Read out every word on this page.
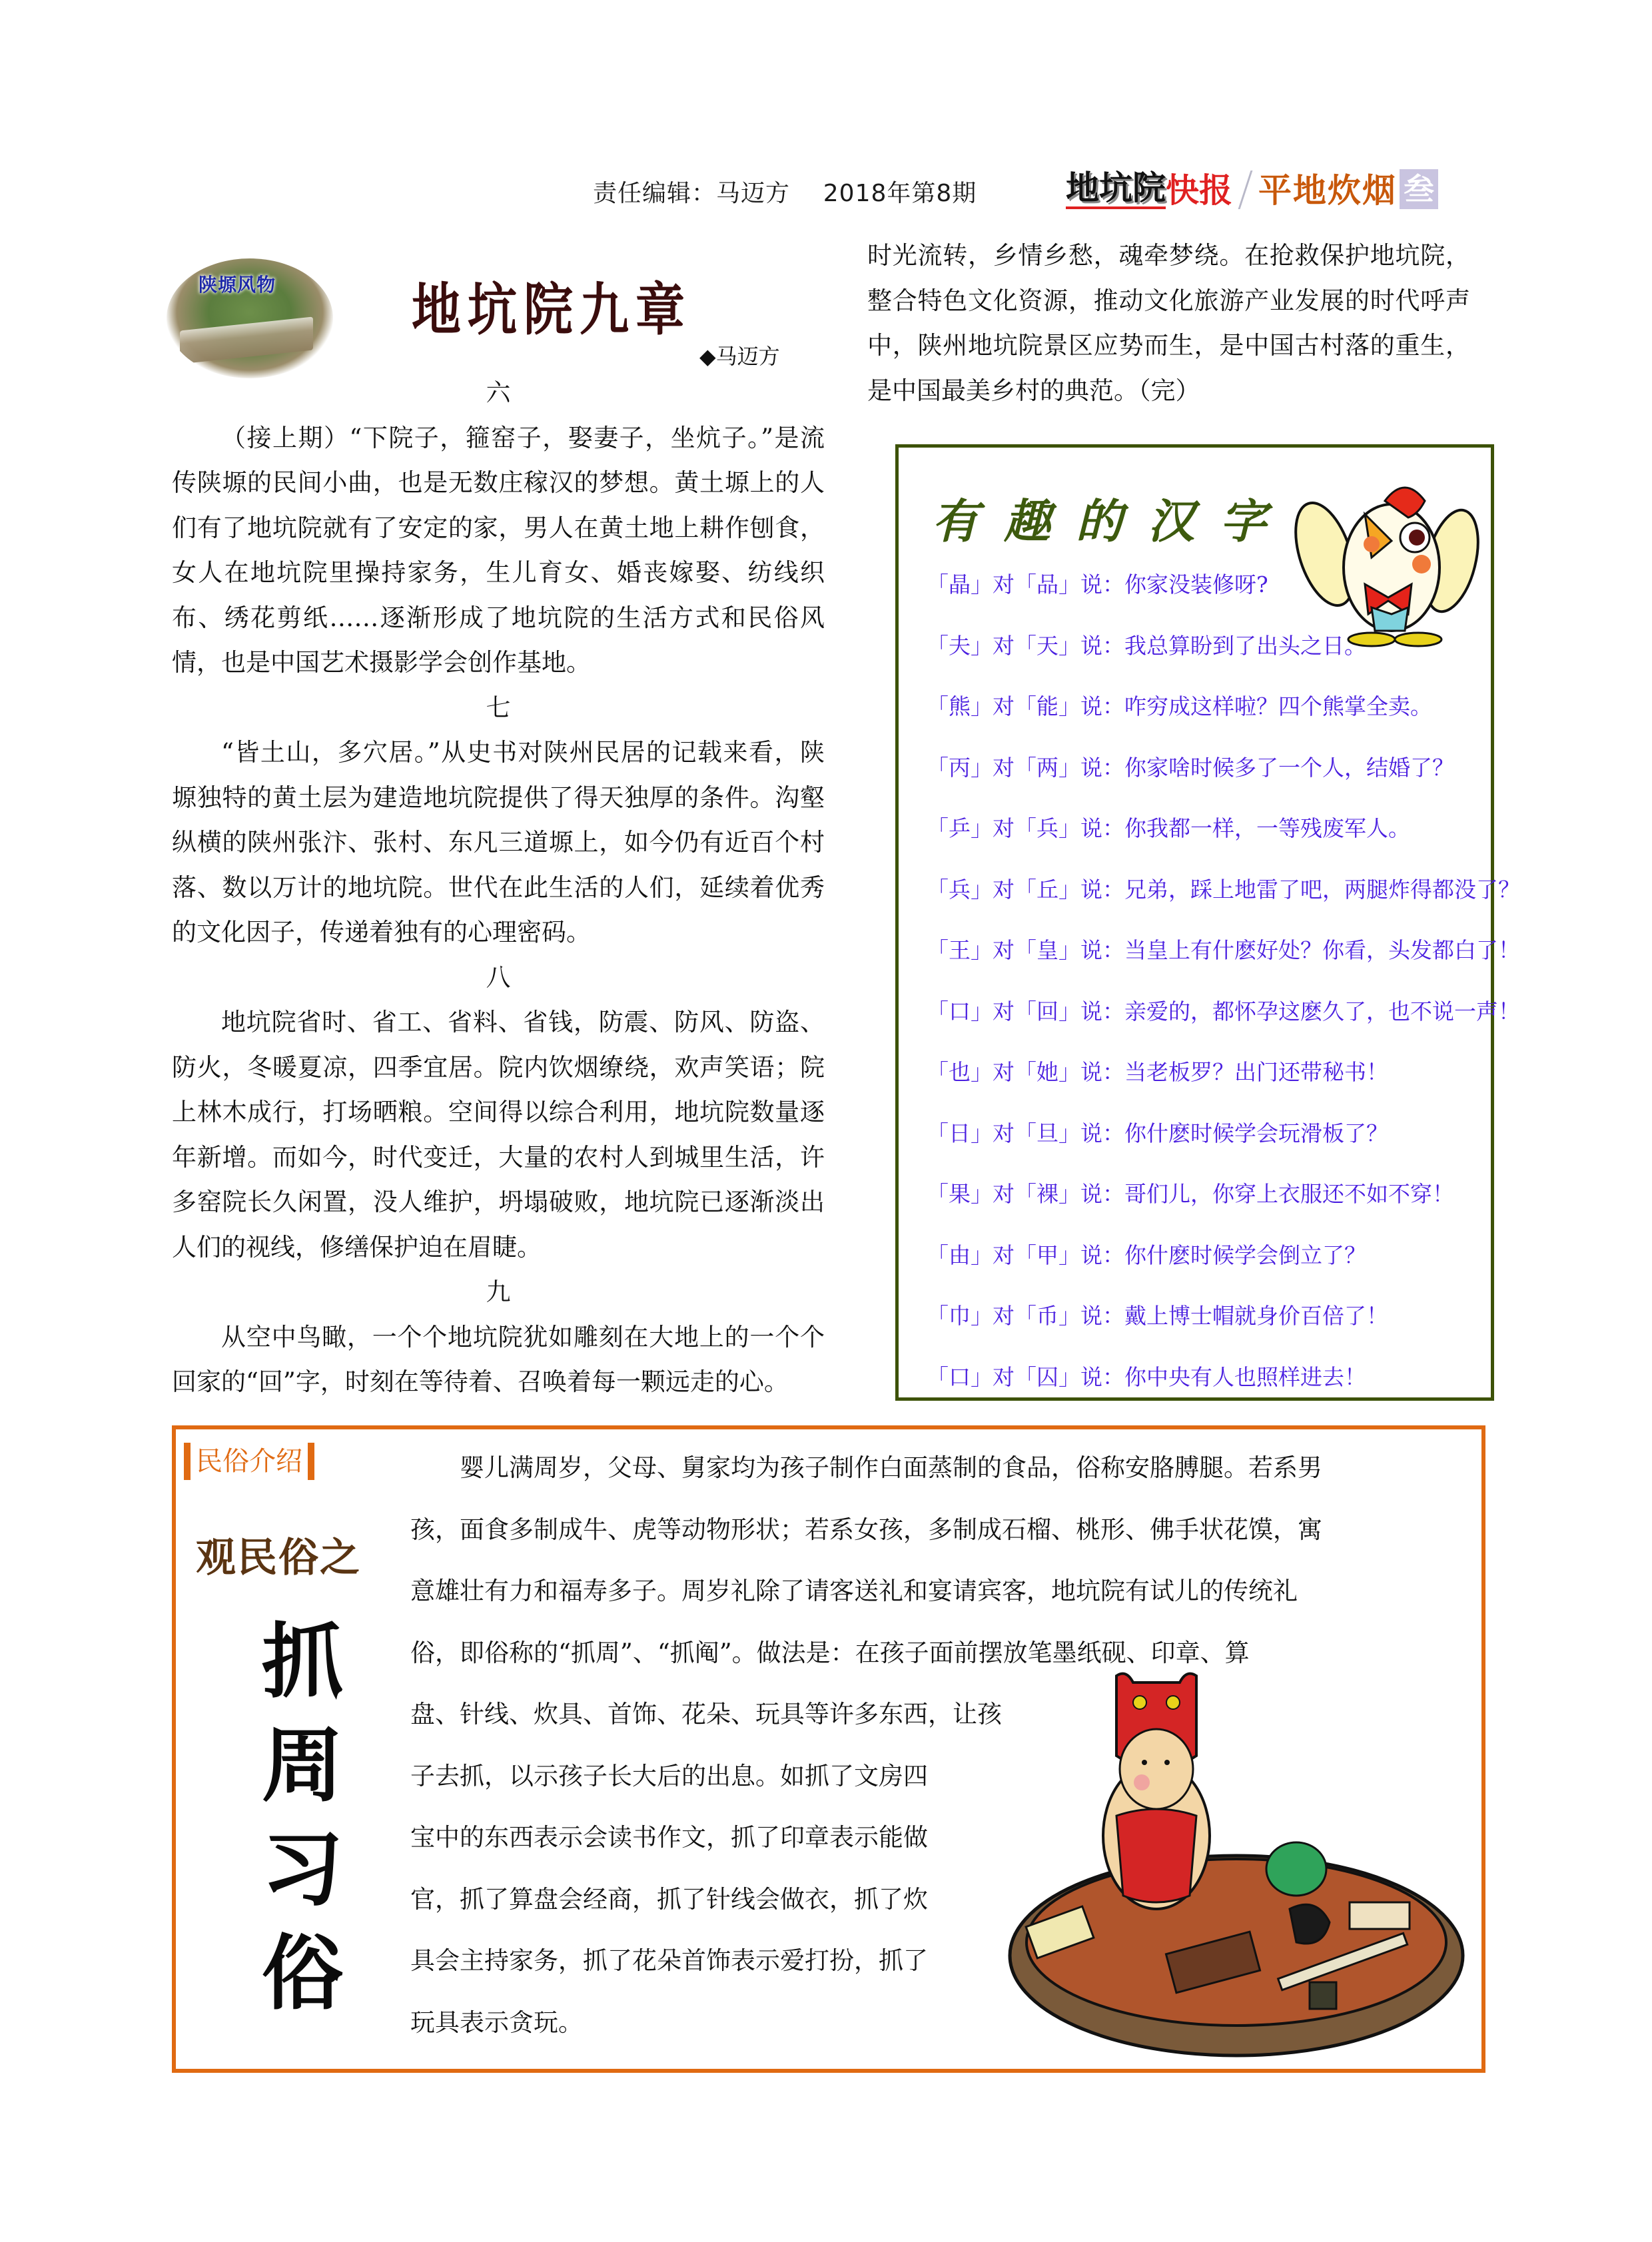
责任编辑：马迈方    2018年第8期	地坑院 快报 平地炊烟 叁
陕塬风物	地坑院九章
◆马迈方
六

（接上期）“下院子，箍窑子，娶妻子，坐炕子。”是流传陕塬的民间小曲，也是无数庄稼汉的梦想。黄土塬上的人们有了地坑院就有了安定的家，男人在黄土地上耕作刨食，女人在地坑院里操持家务，生儿育女、婚丧嫁娶、纺线织布、绣花剪纸……逐渐形成了地坑院的生活方式和民俗风情，也是中国艺术摄影学会创作基地。

七

“皆土山，多穴居。”从史书对陕州民居的记载来看，陕塬独特的黄土层为建造地坑院提供了得天独厚的条件。沟壑纵横的陕州张汴、张村、东凡三道塬上，如今仍有近百个村落、数以万计的地坑院。世代在此生活的人们，延续着优秀的文化因子，传递着独有的心理密码。

八

地坑院省时、省工、省料、省钱，防震、防风、防盗、防火，冬暖夏凉，四季宜居。院内饮烟缭绕，欢声笑语；院上林木成行，打场晒粮。空间得以综合利用，地坑院数量逐年新增。而如今，时代变迁，大量的农村人到城里生活，许多窑院长久闲置，没人维护，坍塌破败，地坑院已逐渐淡出人们的视线，修缮保护迫在眉睫。

九

从空中鸟瞰，一个个地坑院犹如雕刻在大地上的一个个回家的“回”字，时刻在等待着、召唤着每一颗远走的心。

时光流转，乡情乡愁，魂牵梦绕。在抢救保护地坑院，整合特色文化资源，推动文化旅游产业发展的时代呼声中，陕州地坑院景区应势而生，是中国古村落的重生，是中国最美乡村的典范。（完）

有趣的汉字
「晶」对「品」说：你家没装修呀?
「夫」对「天」说：我总算盼到了出头之日。
「熊」对「能」说：咋穷成这样啦？四个熊掌全卖。
「丙」对「两」说：你家啥时候多了一个人，结婚了？
「乒」对「兵」说：你我都一样，一等残废军人。
「兵」对「丘」说：兄弟，踩上地雷了吧，两腿炸得都没了？
「王」对「皇」说：当皇上有什麽好处？你看，头发都白了！
「口」对「回」说：亲爱的，都怀孕这麽久了，也不说一声！
「也」对「她」说：当老板罗？出门还带秘书！
「日」对「旦」说：你什麽时候学会玩滑板了？
「果」对「裸」说：哥们儿，你穿上衣服还不如不穿！
「由」对「甲」说：你什麽时候学会倒立了？
「巾」对「币」说：戴上博士帽就身价百倍了！
「口」对「囚」说：你中央有人也照样进去！
民俗介绍
观民俗之
抓
周
习
俗
婴儿满周岁，父母、舅家均为孩子制作白面蒸制的食品，俗称安胳膊腿。若系男
孩，面食多制成牛、虎等动物形状；若系女孩，多制成石榴、桃形、佛手状花馍，寓
意雄壮有力和福寿多子。周岁礼除了请客送礼和宴请宾客，地坑院有试儿的传统礼
俗，即俗称的“抓周”、“抓阄”。做法是：在孩子面前摆放笔墨纸砚、印章、算
盘、针线、炊具、首饰、花朵、玩具等许多东西，让孩
子去抓，以示孩子长大后的出息。如抓了文房四
宝中的东西表示会读书作文，抓了印章表示能做
官，抓了算盘会经商，抓了针线会做衣，抓了炊
具会主持家务，抓了花朵首饰表示爱打扮，抓了
玩具表示贪玩。
